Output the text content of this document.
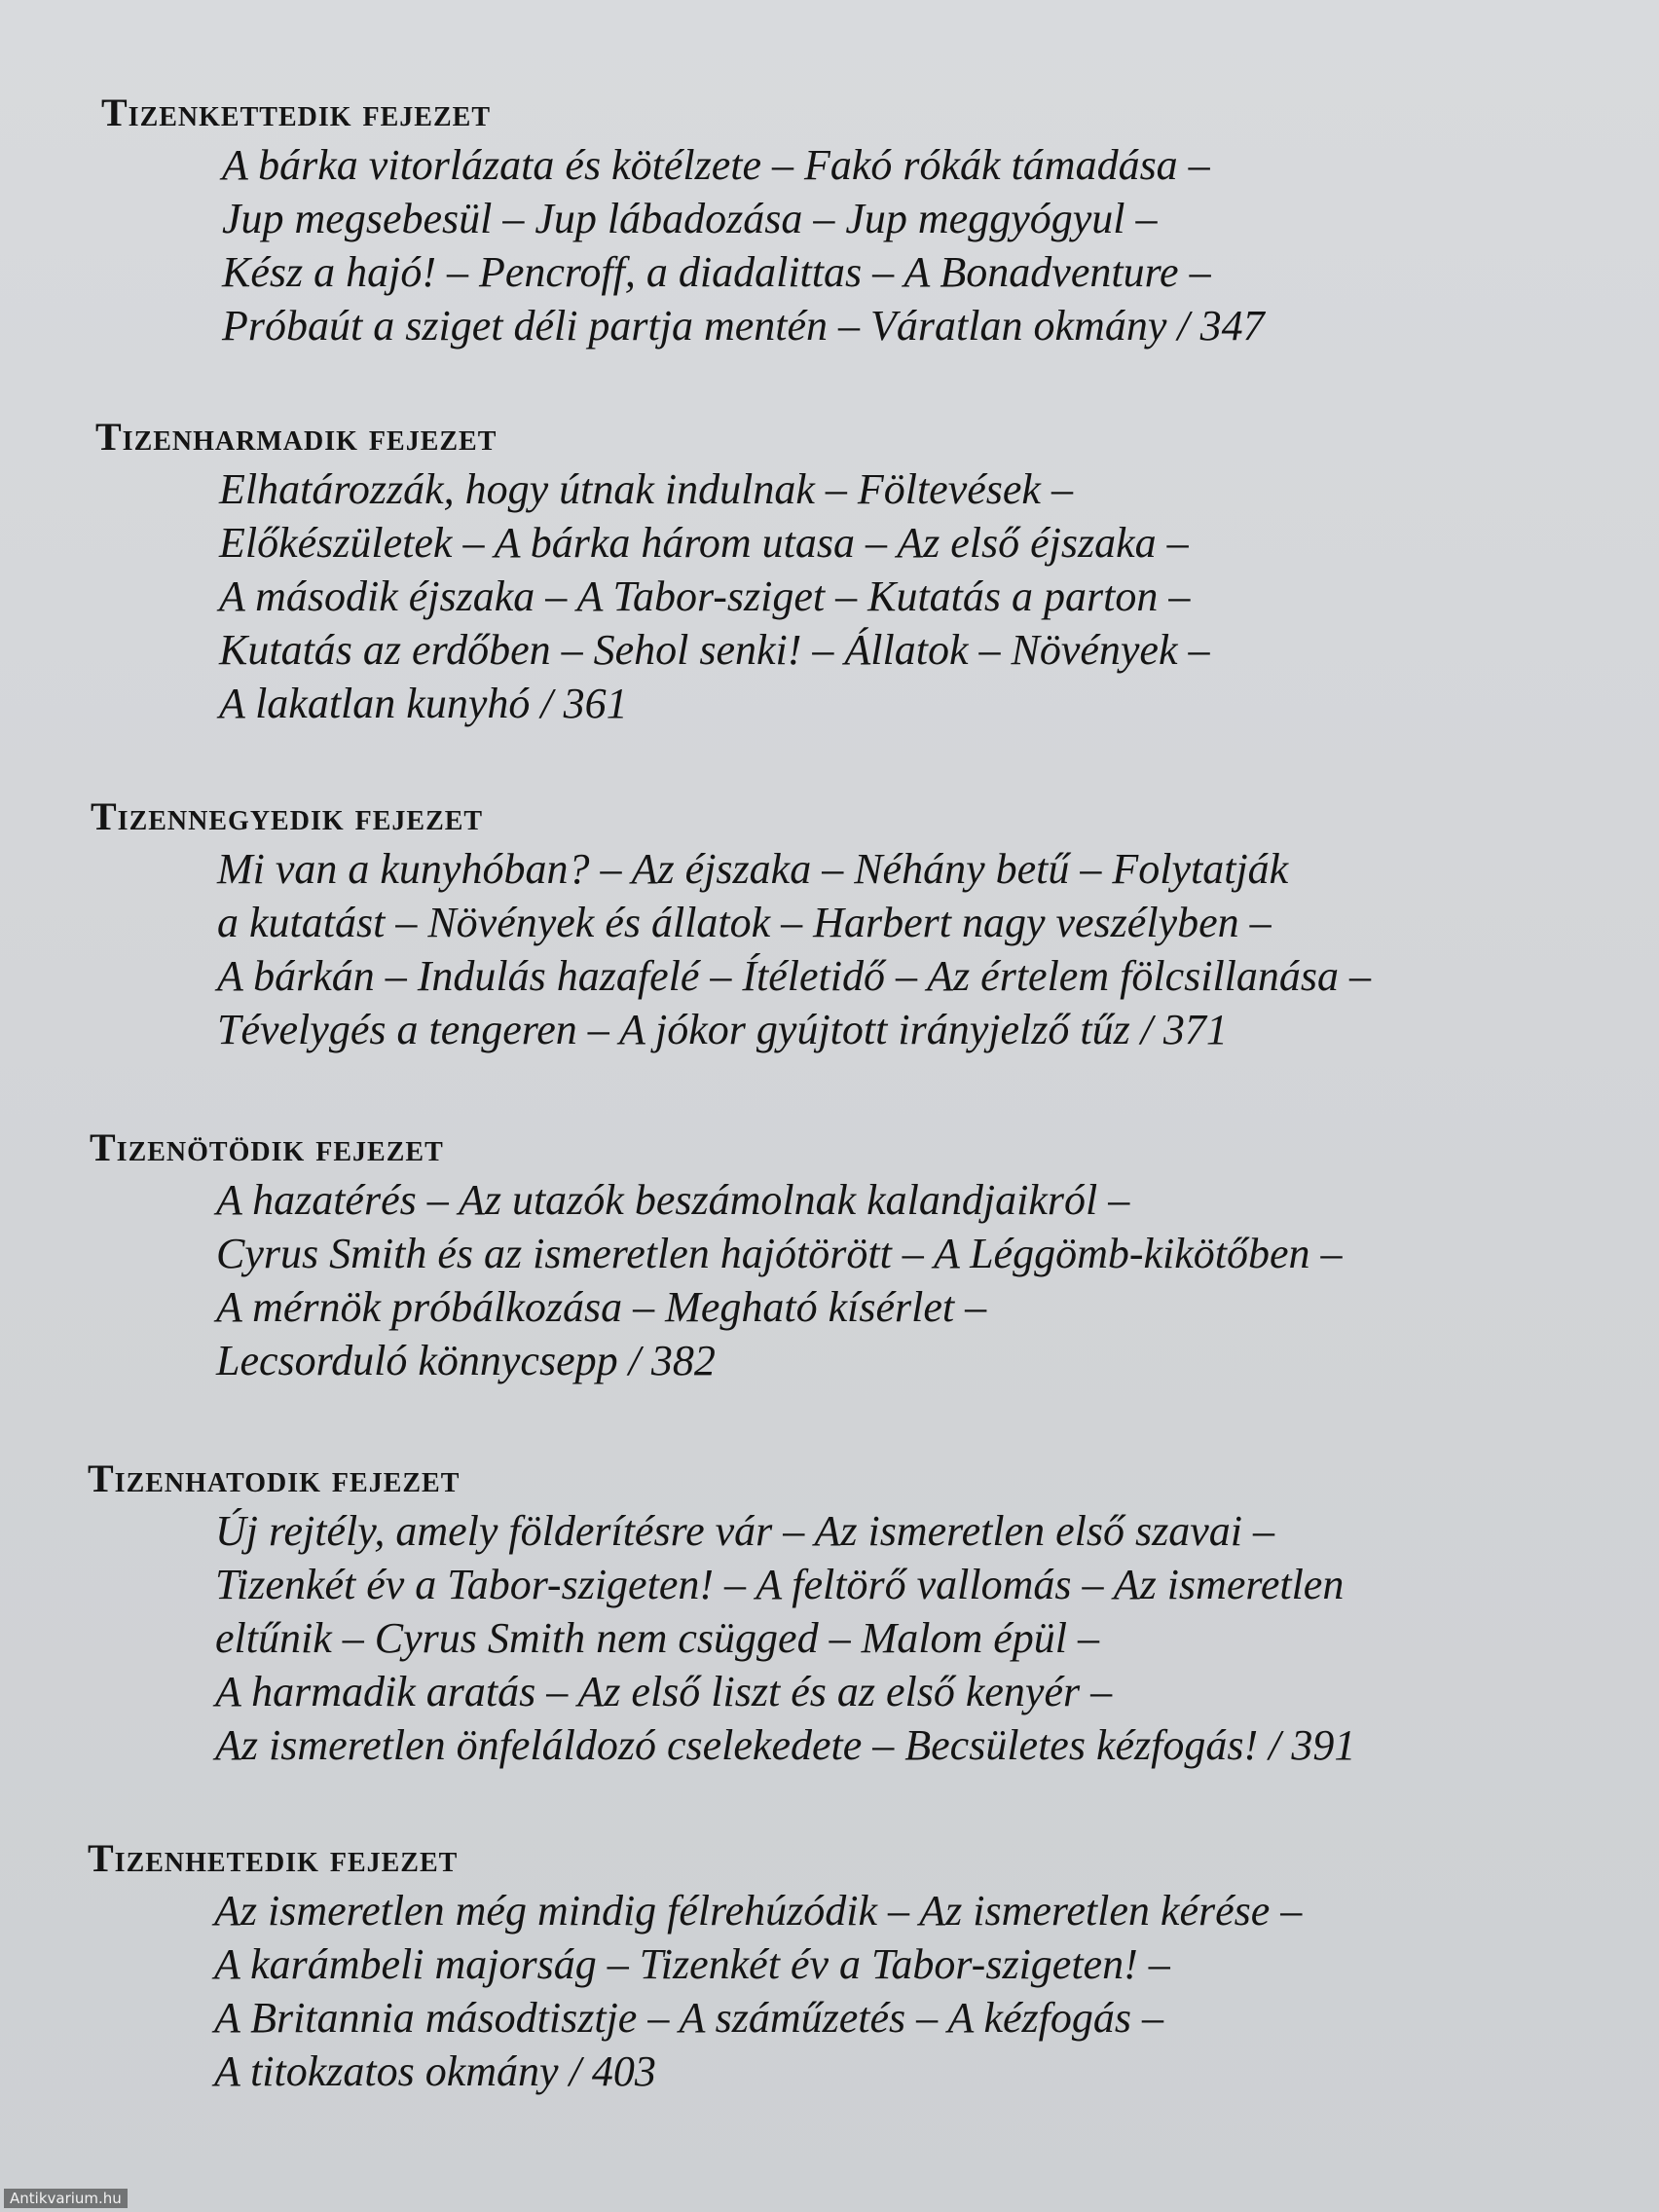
Tizenkettedik fejezet
A bárka vitorlázata és kötélzete – Fakó rókák támadása –
Jup megsebesül – Jup lábadozása – Jup meggyógyul –
Kész a hajó! – Pencroff, a diadalittas – A Bonadventure –
Próbaút a sziget déli partja mentén – Váratlan okmány / 347
Tizenharmadik fejezet
Elhatározzák, hogy útnak indulnak – Föltevések –
Előkészületek – A bárka három utasa – Az első éjszaka –
A második éjszaka – A Tabor-sziget – Kutatás a parton –
Kutatás az erdőben – Sehol senki! – Állatok – Növények –
A lakatlan kunyhó / 361
Tizennegyedik fejezet
Mi van a kunyhóban? – Az éjszaka – Néhány betű – Folytatják
a kutatást – Növények és állatok – Harbert nagy veszélyben –
A bárkán – Indulás hazafelé – Ítéletidő – Az értelem fölcsillanása –
Tévelygés a tengeren – A jókor gyújtott irányjelző tűz / 371
Tizenötödik fejezet
A hazatérés – Az utazók beszámolnak kalandjaikról –
Cyrus Smith és az ismeretlen hajótörött – A Léggömb-kikötőben –
A mérnök próbálkozása – Megható kísérlet –
Lecsorduló könnycsepp / 382
Tizenhatodik fejezet
Új rejtély, amely földerítésre vár – Az ismeretlen első szavai –
Tizenkét év a Tabor-szigeten! – A feltörő vallomás – Az ismeretlen
eltűnik – Cyrus Smith nem csügged – Malom épül –
A harmadik aratás – Az első liszt és az első kenyér –
Az ismeretlen önfeláldozó cselekedete – Becsületes kézfogás! / 391
Tizenhetedik fejezet
Az ismeretlen még mindig félrehúzódik – Az ismeretlen kérése –
A karámbeli majorság – Tizenkét év a Tabor-szigeten! –
A Britannia másodtisztje – A száműzetés – A kézfogás –
A titokzatos okmány / 403
Antikvarium.hu
